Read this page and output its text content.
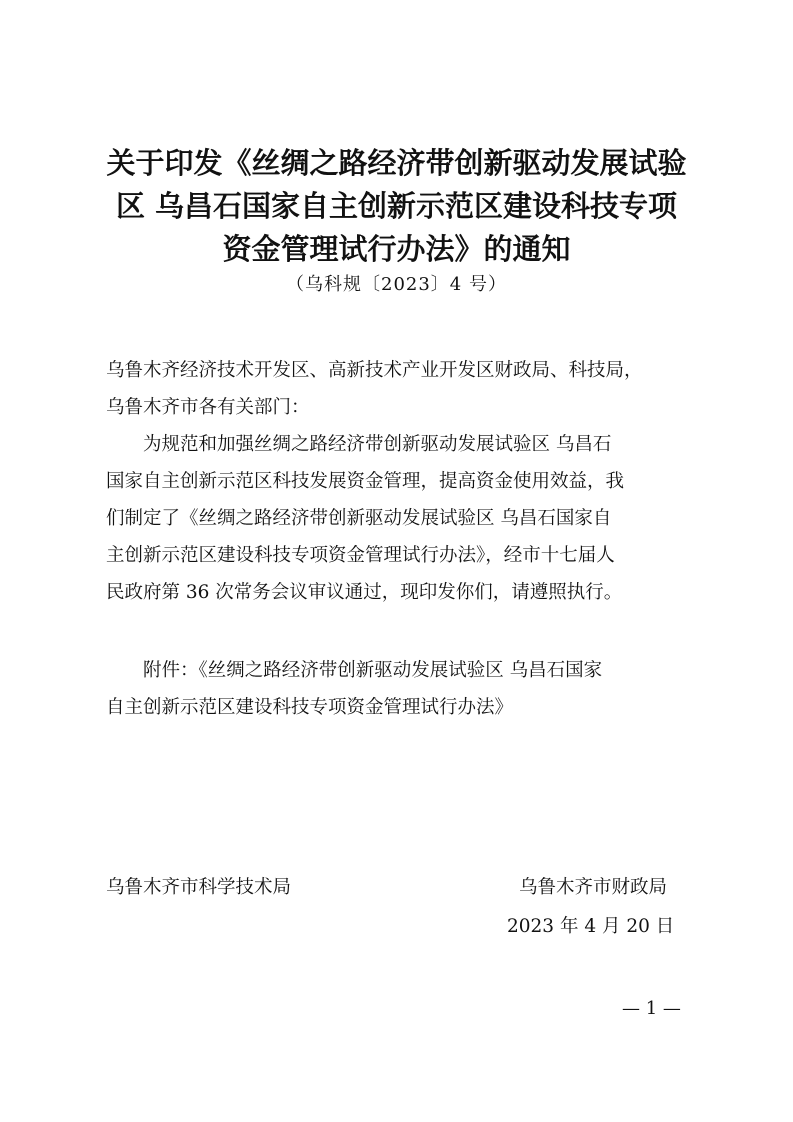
关于印发《丝绸之路经济带创新驱动发展试验
区 乌昌石国家自主创新示范区建设科技专项
资金管理试行办法》的通知
（乌科规〔2023〕4 号）

乌鲁木齐经济技术开发区、高新技术产业开发区财政局、科技局，
乌鲁木齐市各有关部门：

　　为规范和加强丝绸之路经济带创新驱动发展试验区 乌昌石
国家自主创新示范区科技发展资金管理，提高资金使用效益，我
们制定了《丝绸之路经济带创新驱动发展试验区 乌昌石国家自
主创新示范区建设科技专项资金管理试行办法》，经市十七届人
民政府第 36 次常务会议审议通过，现印发你们，请遵照执行。

　　附件：《丝绸之路经济带创新驱动发展试验区 乌昌石国家
自主创新示范区建设科技专项资金管理试行办法》

乌鲁木齐市科学技术局	乌鲁木齐市财政局
2023 年 4 月 20 日
— 1 —
